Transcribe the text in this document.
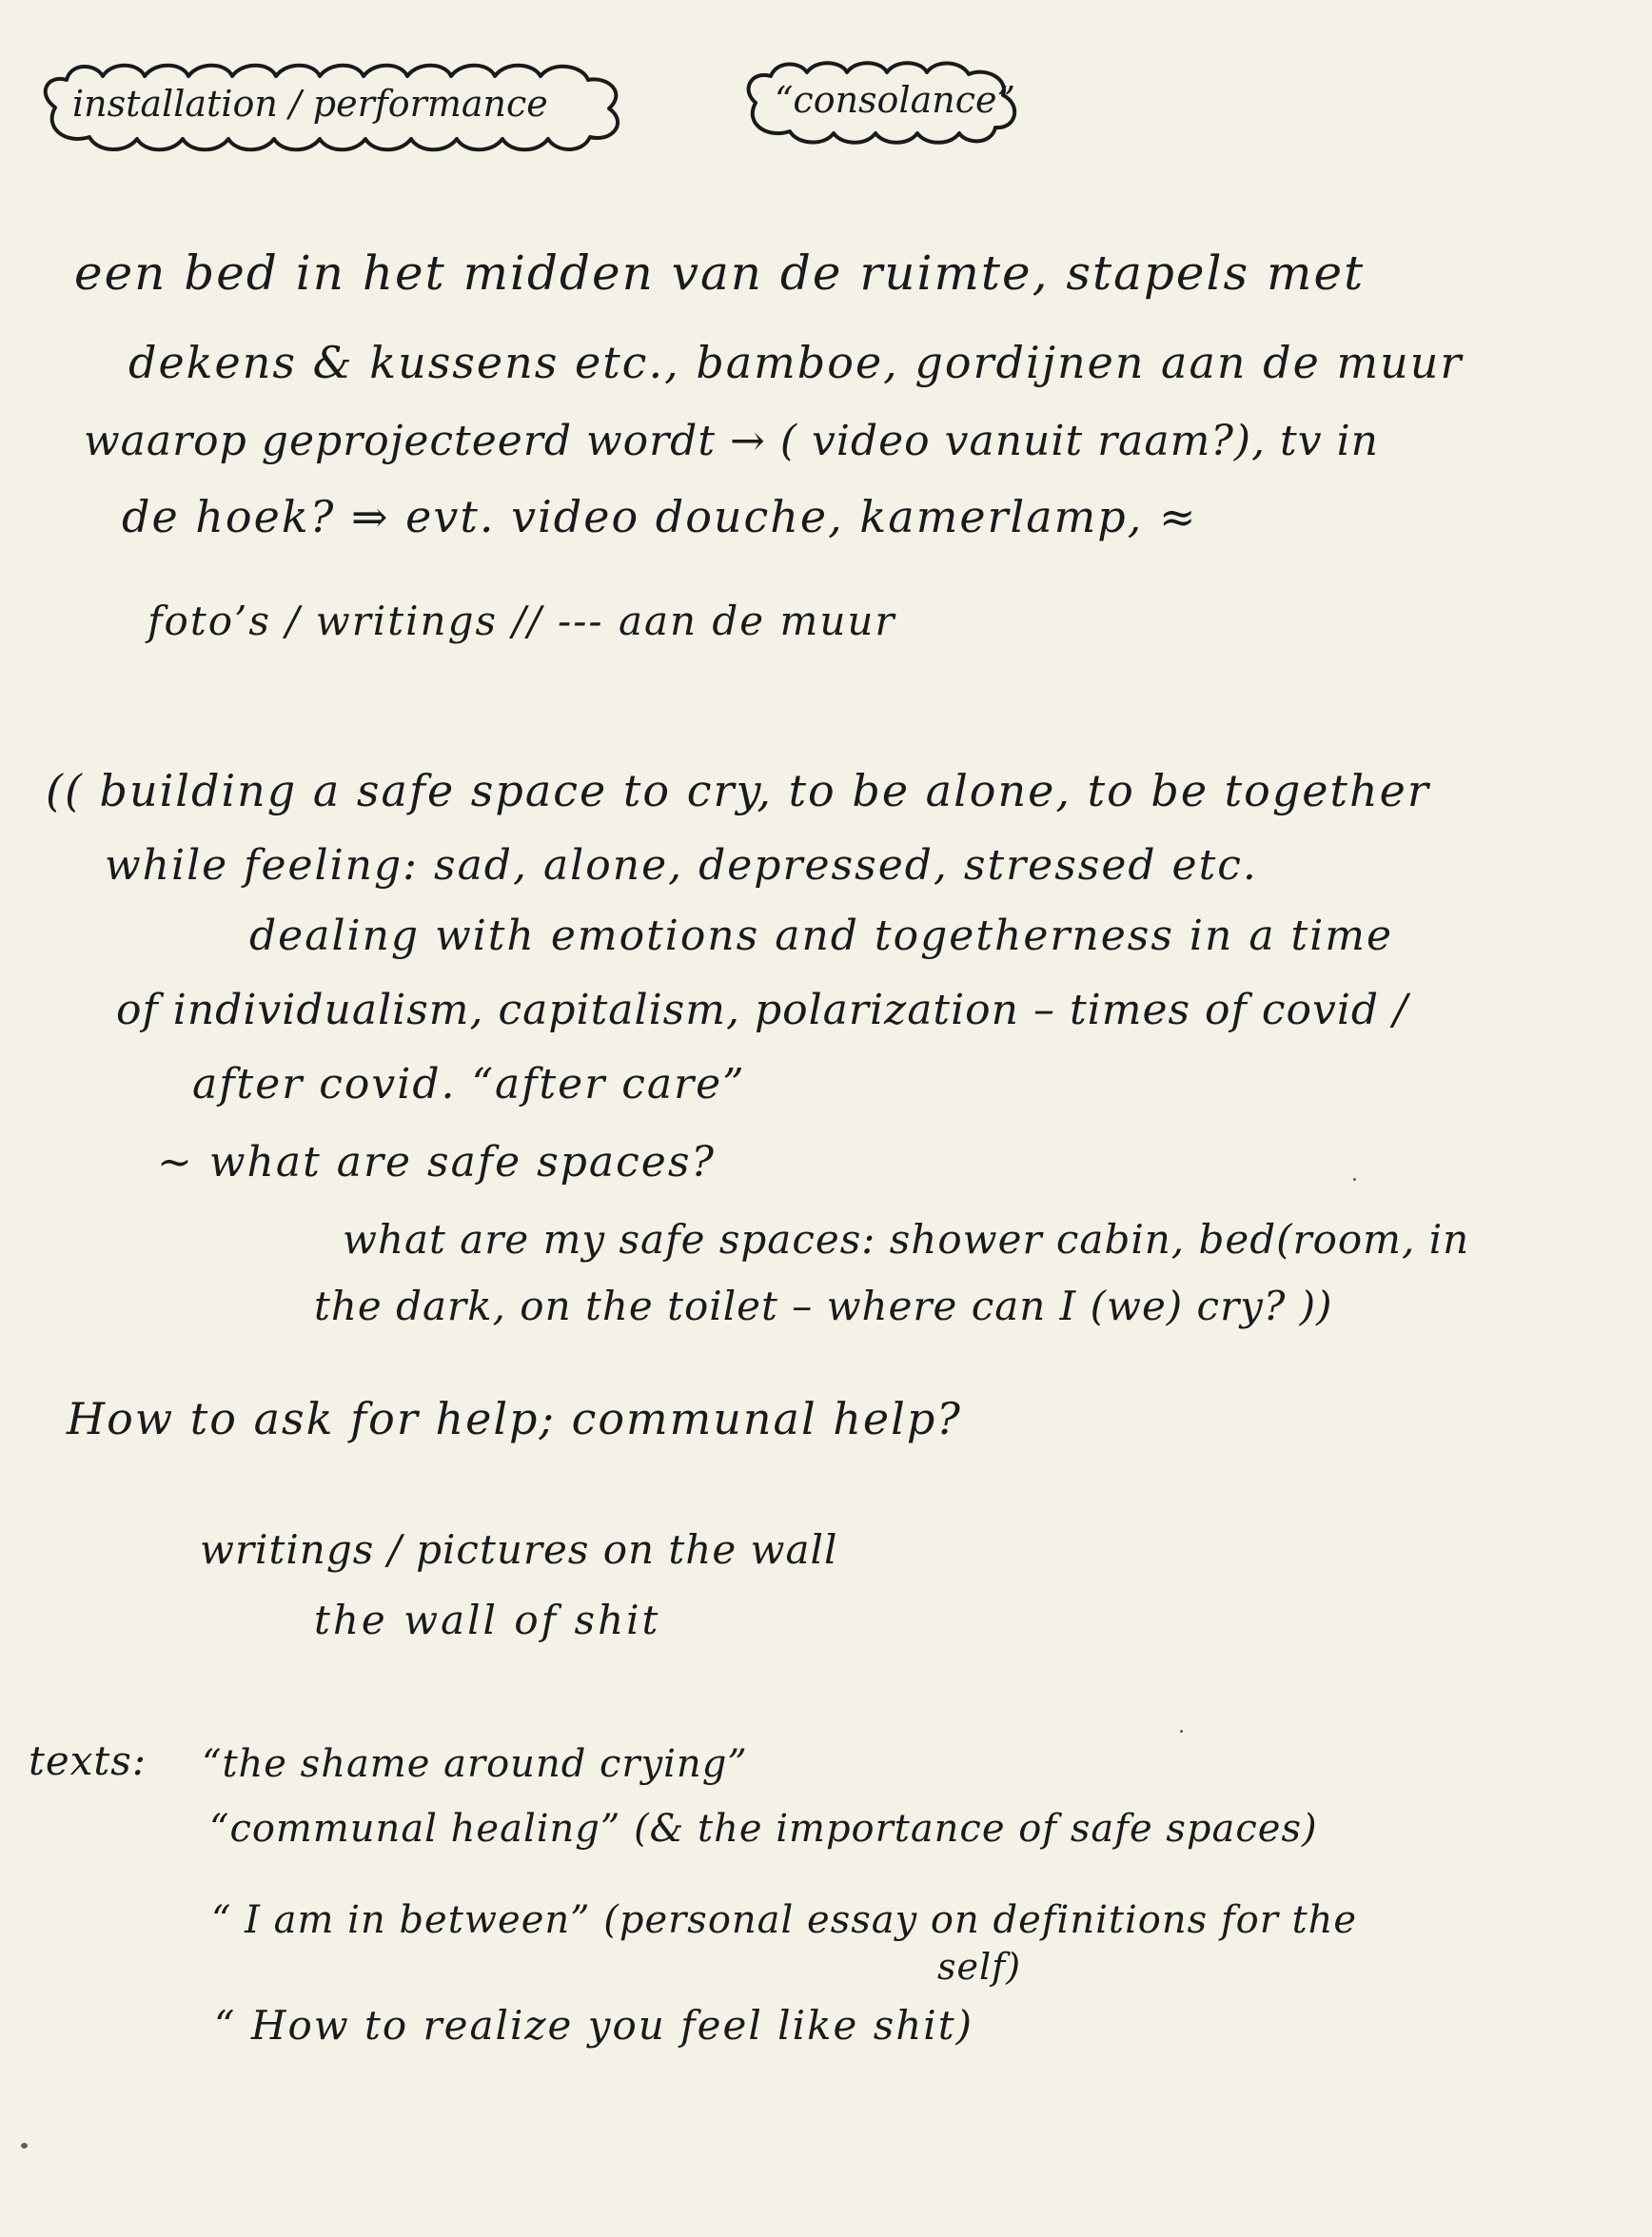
installation / performance	“consolance”
een bed in het midden van de ruimte, stapels met
dekens & kussens etc., bamboe, gordijnen aan de muur
waarop geprojecteerd wordt → ( video vanuit raam?), tv in
de hoek? ⇒ evt. video douche, kamerlamp, ≈
foto’s / writings // --- aan de muur
(( building a safe space to cry, to be alone, to be together
while feeling: sad, alone, depressed, stressed etc.
dealing with emotions and togetherness in a time
of individualism, capitalism, polarization – times of covid /
after covid. “after care”
∼ what are safe spaces?
what are my safe spaces: shower cabin, bed(room, in
the dark, on the toilet – where can I (we) cry? ))
How to ask for help; communal help?
writings / pictures on the wall
the wall of shit
texts: “the shame around crying”
“communal healing” (& the importance of safe spaces)
“ I am in between” (personal essay on definitions for the
self)
“ How to realize you feel like shit)
